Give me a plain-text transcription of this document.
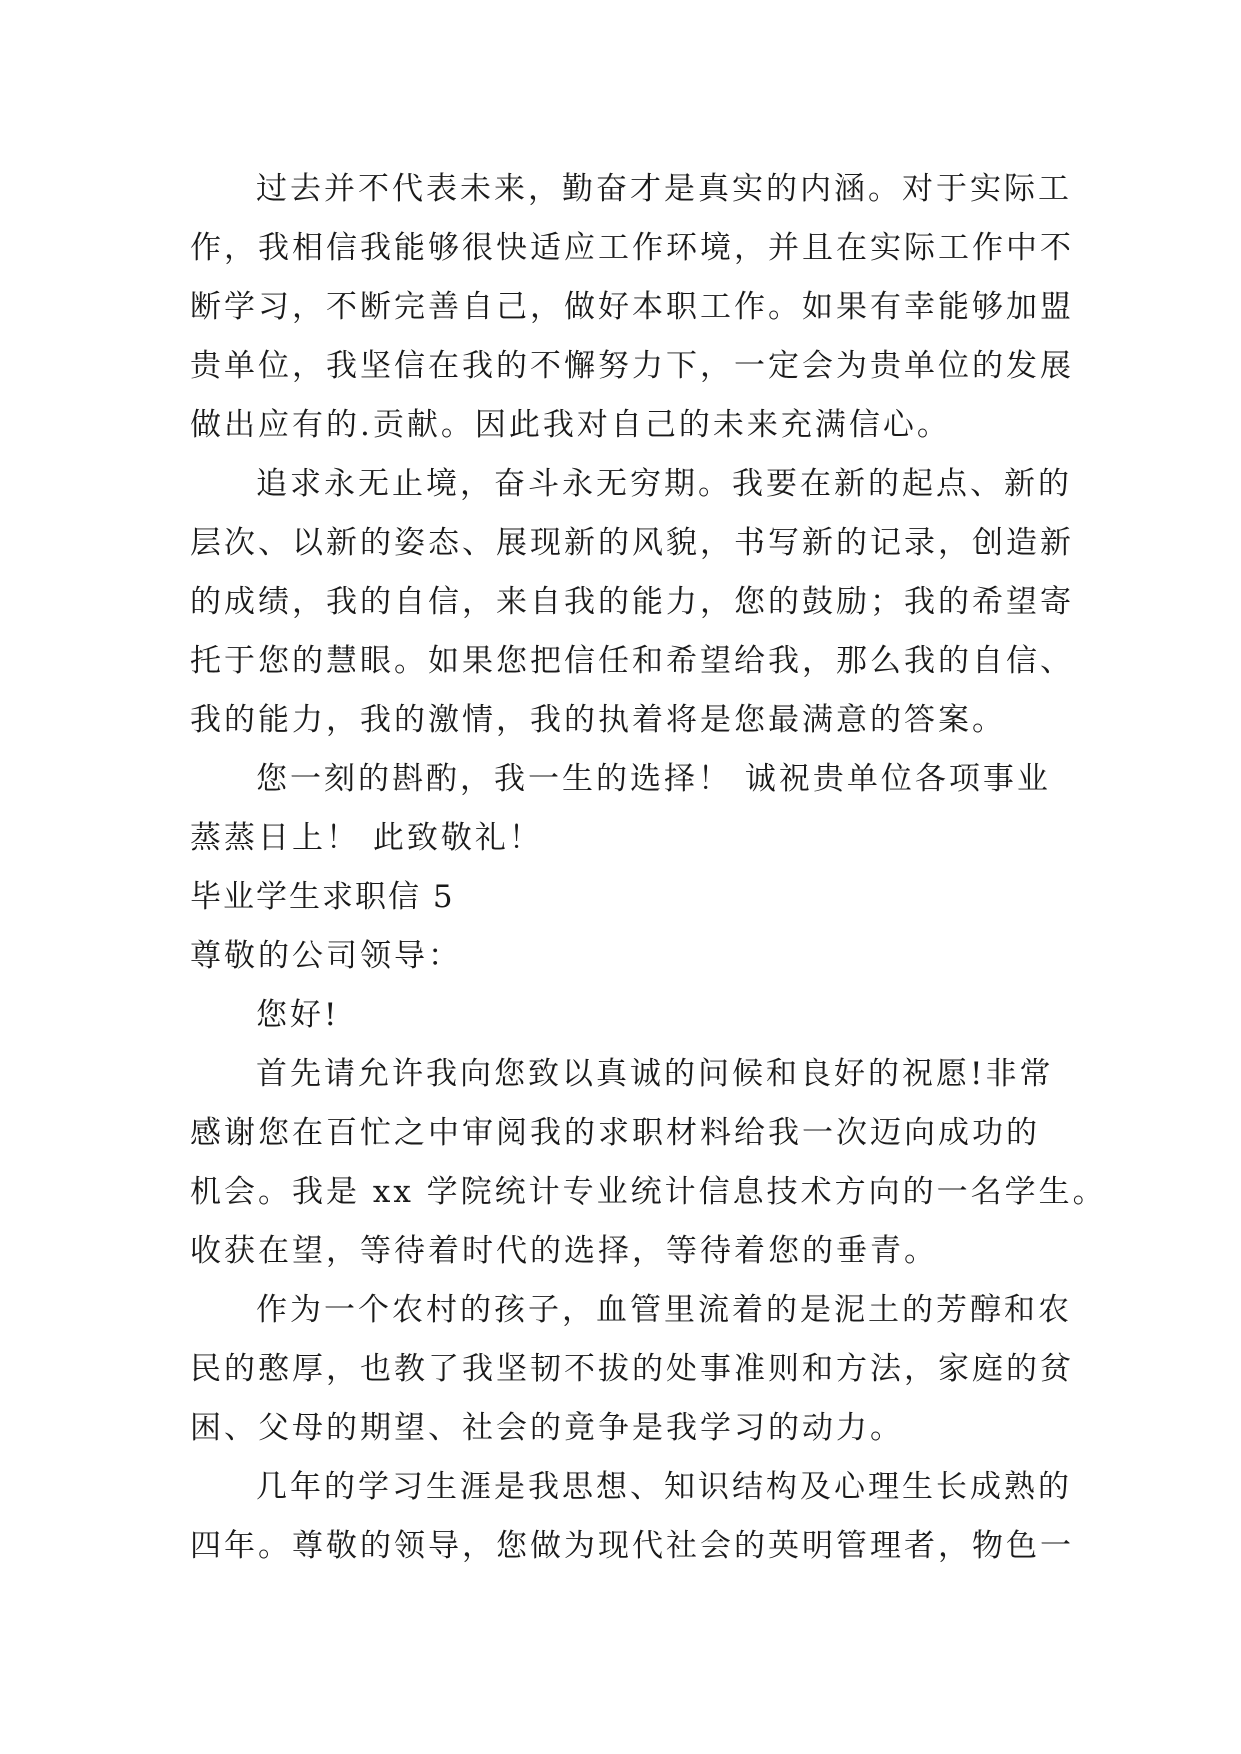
过去并不代表未来，勤奋才是真实的内涵。对于实际工
作，我相信我能够很快适应工作环境，并且在实际工作中不
断学习，不断完善自己，做好本职工作。如果有幸能够加盟
贵单位，我坚信在我的不懈努力下，一定会为贵单位的发展
做出应有的.贡献。因此我对自己的未来充满信心。
追求永无止境，奋斗永无穷期。我要在新的起点、新的
层次、以新的姿态、展现新的风貌，书写新的记录，创造新
的成绩，我的自信，来自我的能力，您的鼓励；我的希望寄
托于您的慧眼。如果您把信任和希望给我，那么我的自信、
我的能力，我的激情，我的执着将是您最满意的答案。
您一刻的斟酌，我一生的选择！ 诚祝贵单位各项事业
蒸蒸日上！ 此致敬礼！
毕业学生求职信 5
尊敬的公司领导：
您好!
首先请允许我向您致以真诚的问候和良好的祝愿!非常
感谢您在百忙之中审阅我的求职材料给我一次迈向成功的
机会。我是 xx 学院统计专业统计信息技术方向的一名学生。
收获在望，等待着时代的选择，等待着您的垂青。
作为一个农村的孩子，血管里流着的是泥土的芳醇和农
民的憨厚，也教了我坚韧不拔的处事准则和方法，家庭的贫
困、父母的期望、社会的竟争是我学习的动力。
几年的学习生涯是我思想、知识结构及心理生长成熟的
四年。尊敬的领导，您做为现代社会的英明管理者，物色一
